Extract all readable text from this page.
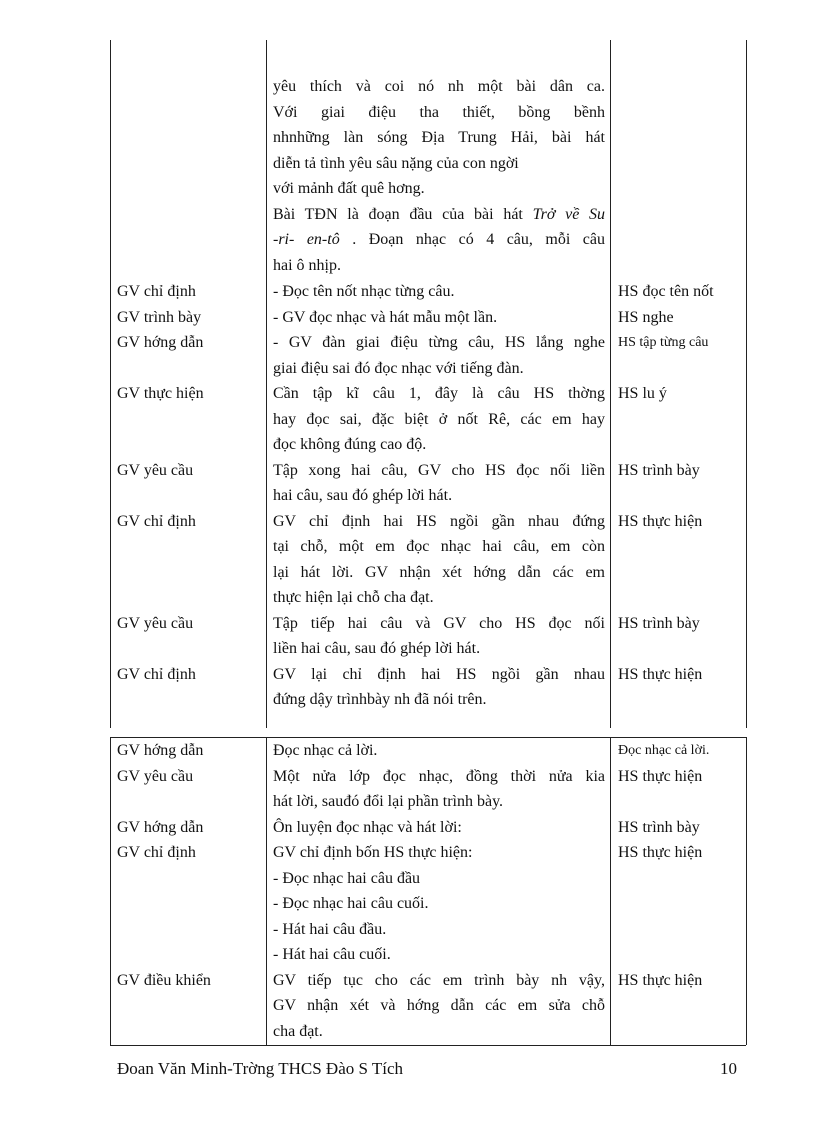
yêu thích và coi nó nh một bài dân ca.
Với giai điệu tha thiết, bồng bềnh
nhnhững làn sóng Địa Trung Hải, bài hát
diễn tả tình yêu sâu nặng của con ngời
với mảnh đất quê hơng.
Bài TĐN là đoạn đầu của bài hát Trở về Su
-ri- en-tô . Đoạn nhạc có 4 câu, mỗi câu
hai ô nhịp.
GV chỉ định	- Đọc tên nốt nhạc từng câu.	HS đọc tên nốt
GV trình bày	- GV đọc nhạc và hát mẫu một lần.	HS nghe
GV hớng dẫn	- GV đàn giai điệu từng câu, HS lắng nghe
giai điệu sai đó đọc nhạc với tiếng đàn.
HS tập từng câu
GV thực hiện	Cần tập kĩ câu 1, đây là câu HS thờng
hay đọc sai, đặc biệt ở nốt Rê, các em hay
đọc không đúng cao độ.
HS lu ý
GV yêu cầu	Tập xong hai câu, GV cho HS đọc nối liền
hai câu, sau đó ghép lời hát.
HS trình bày
GV chỉ định	GV chỉ định hai HS ngồi gần nhau đứng
tại chỗ, một em đọc nhạc hai câu, em còn
lại hát lời. GV nhận xét hớng dẫn các em
thực hiện lại chỗ cha đạt.
HS thực hiện
GV yêu cầu	Tập tiếp hai câu và GV cho HS đọc nối
liền hai câu, sau đó ghép lời hát.
HS trình bày
GV chỉ định	GV lại chỉ định hai HS ngồi gần nhau
đứng dậy trìnhbày nh đã nói trên.
HS thực hiện
GV hớng dẫn	Đọc nhạc cả lời.	Đọc nhạc cả lời.
GV yêu cầu	Một nửa lớp đọc nhạc, đồng thời nửa kia
hát lời, sauđó đổi lại phần trình bày.
HS thực hiện
GV hớng dẫn	Ôn luyện đọc nhạc và hát lời:	HS trình bày
GV chỉ định	GV chỉ định bốn HS thực hiện:
- Đọc nhạc hai câu đầu
- Đọc nhạc hai câu cuối.
- Hát hai câu đầu.
- Hát hai câu cuối.
HS thực hiện
GV điều khiển	GV tiếp tục cho các em trình bày nh vậy,
GV nhận xét và hớng dẫn các em sửa chỗ
cha đạt.
HS thực hiện
Đoan Văn Minh-Trờng THCS Đào S Tích	10
